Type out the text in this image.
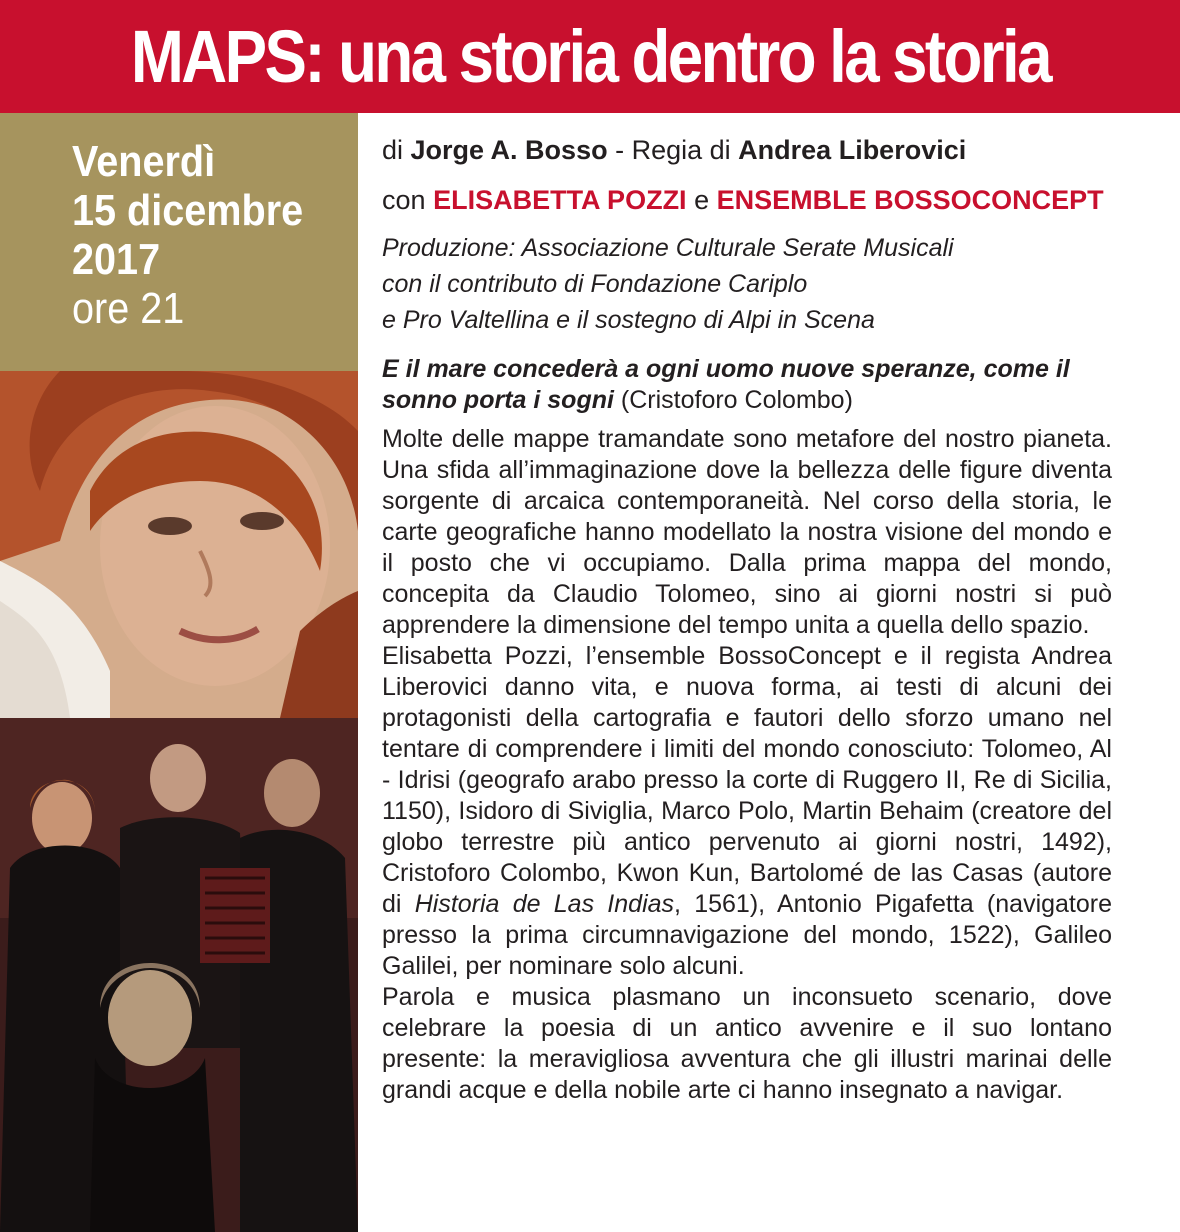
MAPS: una storia dentro la storia
Venerdì
15 dicembre
2017
ore 21

di Jorge A. Bosso - Regia di Andrea Liberovici

con ELISABETTA POZZI e ENSEMBLE BOSSOCONCEPT

Produzione: Associazione Culturale Serate Musicali
con il contributo di Fondazione Cariplo
e Pro Valtellina e il sostegno di Alpi in Scena
E il mare concederà a ogni uomo nuove speranze, come il sonno porta i sogni (Cristoforo Colombo)

Molte delle mappe tramandate sono metafore del nostro pianeta. Una sfida all’immaginazione dove la bellezza delle figure diventa sorgente di arcaica contemporaneità. Nel corso della storia, le carte geografiche hanno modellato la nostra visione del mondo e il posto che vi occupiamo. Dalla prima mappa del mondo, concepita da Claudio Tolomeo, sino ai giorni nostri si può apprendere la dimensione del tempo unita a quella dello spazio.

Elisabetta Pozzi, l’ensemble BossoConcept e il regista Andrea Liberovici danno vita, e nuova forma, ai testi di alcuni dei protagonisti della cartografia e fautori dello sforzo umano nel tentare di comprendere i limiti del mondo conosciuto: Tolomeo, Al - Idrisi (geografo arabo presso la corte di Ruggero II, Re di Sicilia, 1150), Isidoro di Siviglia, Marco Polo, Martin Behaim (creatore del globo terrestre più antico pervenuto ai giorni nostri, 1492), Cristoforo Colombo, Kwon Kun, Bartolomé de las Casas (autore di Historia de Las Indias, 1561), Antonio Pigafetta (navigatore presso la prima circumnavigazione del mondo, 1522), Galileo Galilei, per nominare solo alcuni.

Parola e musica plasmano un inconsueto scenario, dove celebrare la poesia di un antico avvenire e il suo lontano presente: la meravigliosa avventura che gli illustri marinai delle grandi acque e della nobile arte ci hanno insegnato a navigar.
